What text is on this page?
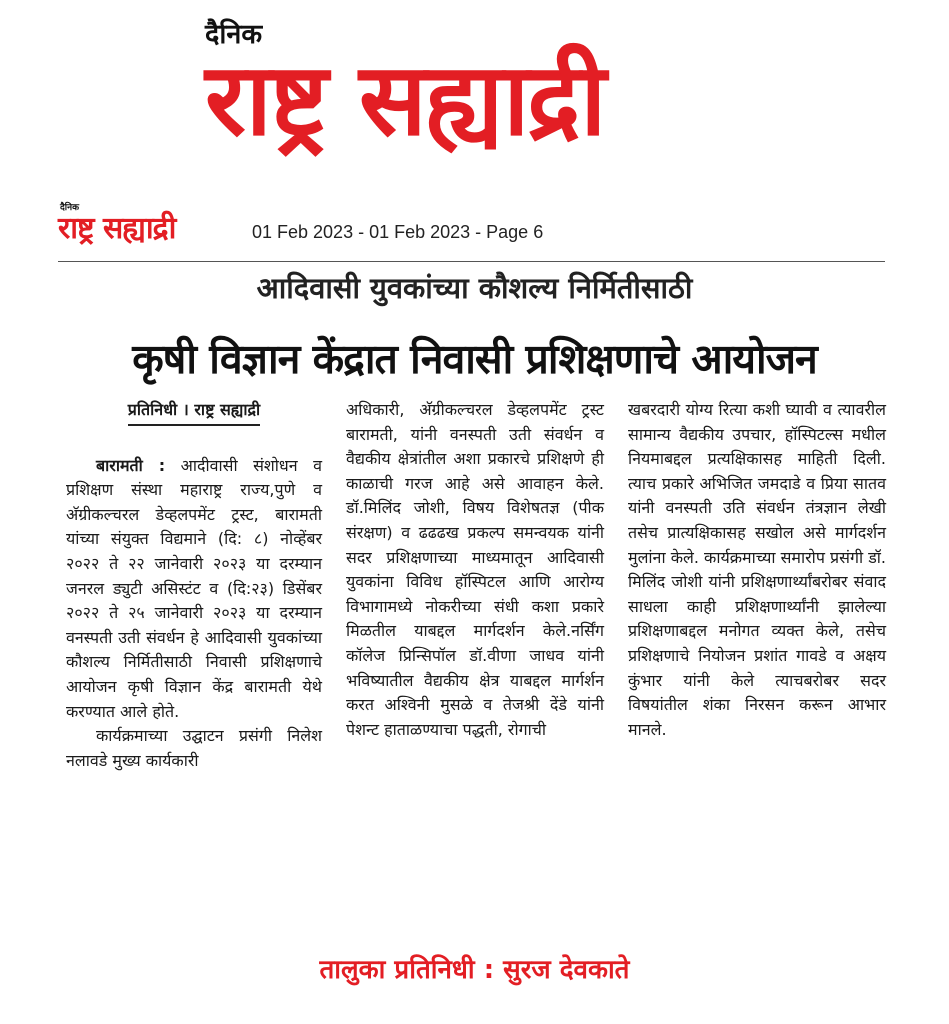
दैनिक
राष्ट्र सह्याद्री
दैनिक
राष्ट्र सह्याद्री	01 Feb 2023 - 01 Feb 2023 - Page 6
आदिवासी युवकांच्या कौशल्य निर्मितीसाठी
कृषी विज्ञान केंद्रात निवासी प्रशिक्षणाचे आयोजन
प्रतिनिधी । राष्ट्र सह्याद्री

बारामती : आदीवासी संशोधन व प्रशिक्षण संस्था महाराष्ट्र राज्य,पुणे व अ‍ॅग्रीकल्चरल डेव्हलपमेंट ट्रस्ट, बारामती यांच्या संयुक्त विद्यमाने (दि: ८) नोव्हेंबर २०२२ ते २२ जानेवारी २०२३ या दरम्यान जनरल ड्युटी असिस्टंट व (दि:२३) डिसेंबर २०२२ ते २५ जानेवारी २०२३ या दरम्यान वनस्पती उती संवर्धन हे आदिवासी युवकांच्या कौशल्य निर्मितीसाठी निवासी प्रशिक्षणाचे आयोजन कृषी विज्ञान केंद्र बारामती येथे करण्यात आले होते.

कार्यक्रमाच्या उद्घाटन प्रसंगी निलेश नलावडे मुख्य कार्यकारी

अधिकारी, अ‍ॅग्रीकल्चरल डेव्हलपमेंट ट्रस्ट बारामती, यांनी वनस्पती उती संवर्धन व वैद्यकीय क्षेत्रांतील अशा प्रकारचे प्रशिक्षणे ही काळाची गरज आहे असे आवाहन केले. डॉ.मिलिंद जोशी, विषय विशेषतज्ञ (पीक संरक्षण) व ढढढख प्रकल्प समन्वयक यांनी सदर प्रशिक्षणाच्या माध्यमातून आदिवासी युवकांना विविध हॉस्पिटल आणि आरोग्य विभागामध्ये नोकरीच्या संधी कशा प्रकारे मिळतील याबद्दल मार्गदर्शन केले.नर्सिंग कॉलेज प्रिन्सिपॉल डॉ.वीणा जाधव यांनी भविष्यातील वैद्यकीय क्षेत्र याबद्दल मार्गर्शन करत अश्विनी मुसळे व तेजश्री देंडे यांनी पेशन्ट हाताळण्याचा पद्धती, रोगाची

खबरदारी योग्य रित्या कशी घ्यावी व त्यावरील सामान्य वैद्यकीय उपचार, हॉस्पिटल्स मधील नियमाबद्दल प्रत्यक्षिकासह माहिती दिली. त्याच प्रकारे अभिजित जमदाडे व प्रिया सातव यांनी वनस्पती उति संवर्धन तंत्रज्ञान लेखी तसेच प्रात्यक्षिकासह सखोल असे मार्गदर्शन मुलांना केले. कार्यक्रमाच्या समारोप प्रसंगी डॉ. मिलिंद जोशी यांनी प्रशिक्षणार्थ्यांबरोबर संवाद साधला काही प्रशिक्षणार्थ्यांनी झालेल्या प्रशिक्षणाबद्दल मनोगत व्यक्त केले, तसेच प्रशिक्षणाचे नियोजन प्रशांत गावडे व अक्षय कुंभार यांनी केले त्याचबरोबर सदर विषयांतील शंका निरसन करून आभार मानले.

तालुका प्रतिनिधी : सुरज देवकाते
